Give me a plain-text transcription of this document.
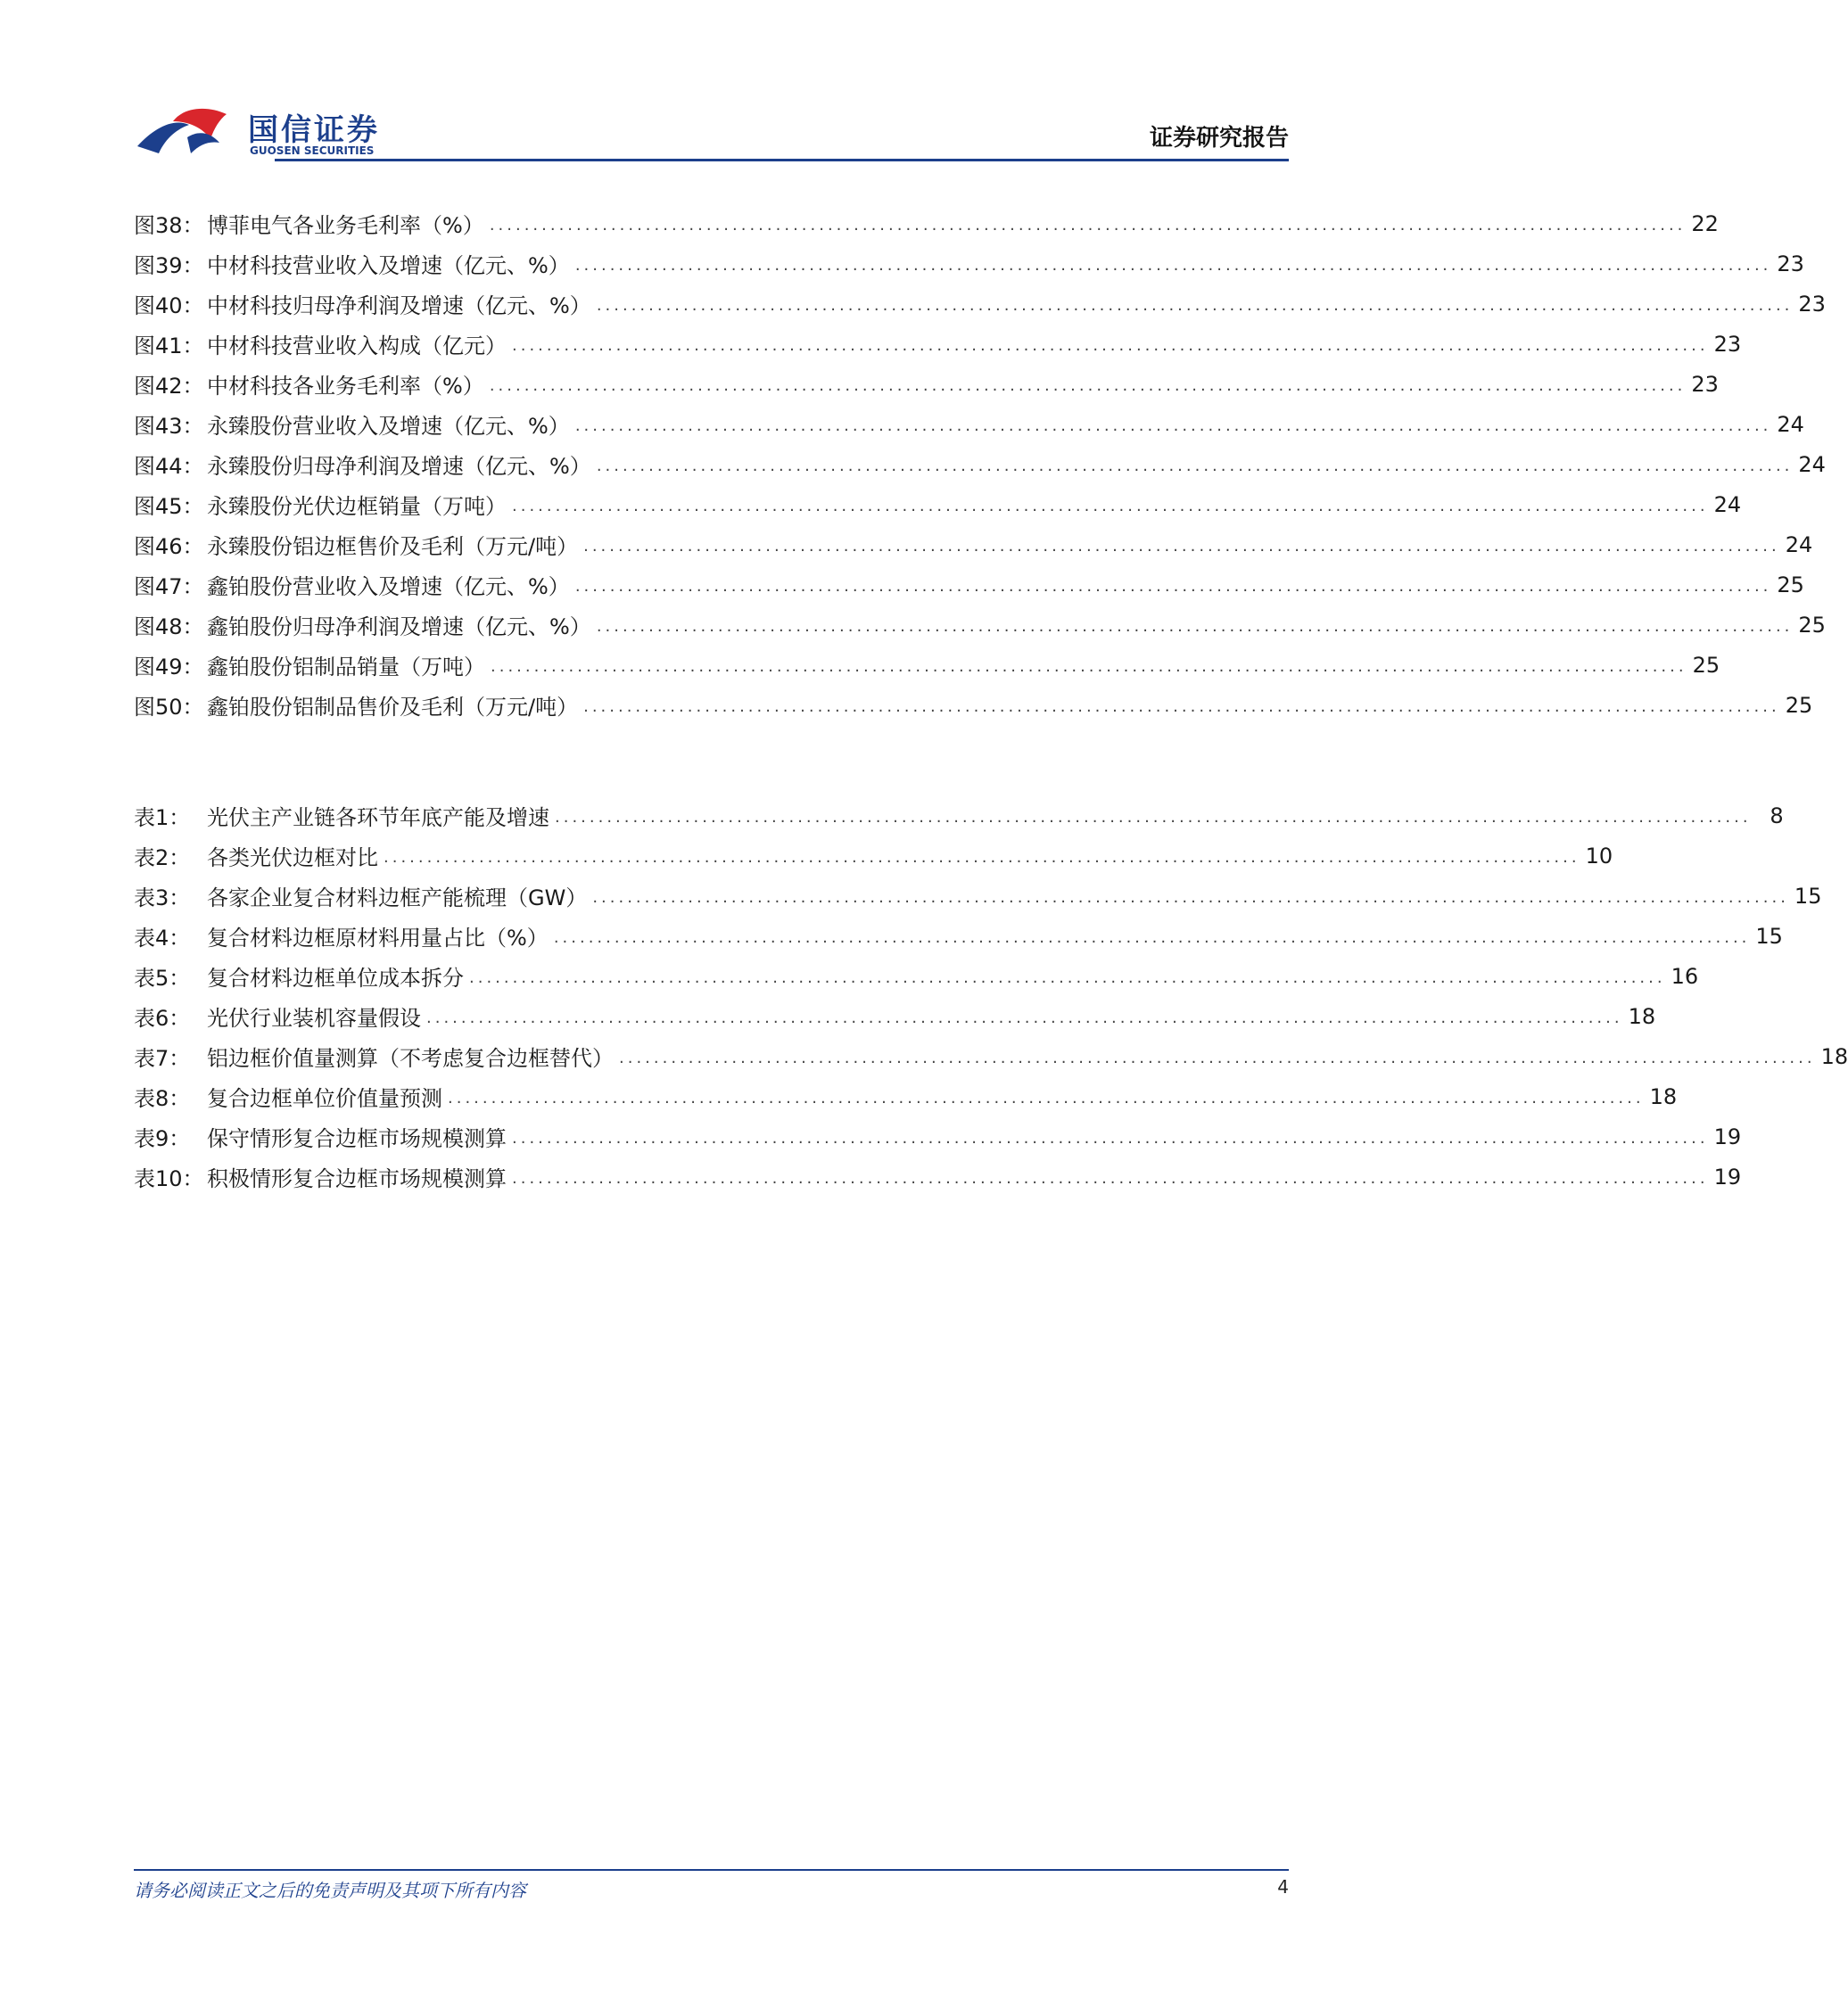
国信证券
GUOSEN SECURITIES	证券研究报告
图38： 博菲电气各业务毛利率（%） .......................................................................................................................................... 22
图39： 中材科技营业收入及增速（亿元、%） .......................................................................................................................................... 23
图40： 中材科技归母净利润及增速（亿元、%） .......................................................................................................................................... 23
图41： 中材科技营业收入构成（亿元） .......................................................................................................................................... 23
图42： 中材科技各业务毛利率（%） .......................................................................................................................................... 23
图43： 永臻股份营业收入及增速（亿元、%） .......................................................................................................................................... 24
图44： 永臻股份归母净利润及增速（亿元、%） .......................................................................................................................................... 24
图45： 永臻股份光伏边框销量（万吨） .......................................................................................................................................... 24
图46： 永臻股份铝边框售价及毛利（万元/吨） .......................................................................................................................................... 24
图47： 鑫铂股份营业收入及增速（亿元、%） .......................................................................................................................................... 25
图48： 鑫铂股份归母净利润及增速（亿元、%） .......................................................................................................................................... 25
图49： 鑫铂股份铝制品销量（万吨） .......................................................................................................................................... 25
图50： 鑫铂股份铝制品售价及毛利（万元/吨） .......................................................................................................................................... 25
表1： 光伏主产业链各环节年底产能及增速 .......................................................................................................................................... 8
表2： 各类光伏边框对比 .......................................................................................................................................... 10
表3： 各家企业复合材料边框产能梳理（GW） .......................................................................................................................................... 15
表4： 复合材料边框原材料用量占比（%） .......................................................................................................................................... 15
表5： 复合材料边框单位成本拆分 .......................................................................................................................................... 16
表6： 光伏行业装机容量假设 .......................................................................................................................................... 18
表7： 铝边框价值量测算（不考虑复合边框替代） .......................................................................................................................................... 18
表8： 复合边框单位价值量预测 .......................................................................................................................................... 18
表9： 保守情形复合边框市场规模测算 .......................................................................................................................................... 19
表10： 积极情形复合边框市场规模测算 .......................................................................................................................................... 19
请务必阅读正文之后的免责声明及其项下所有内容	4
